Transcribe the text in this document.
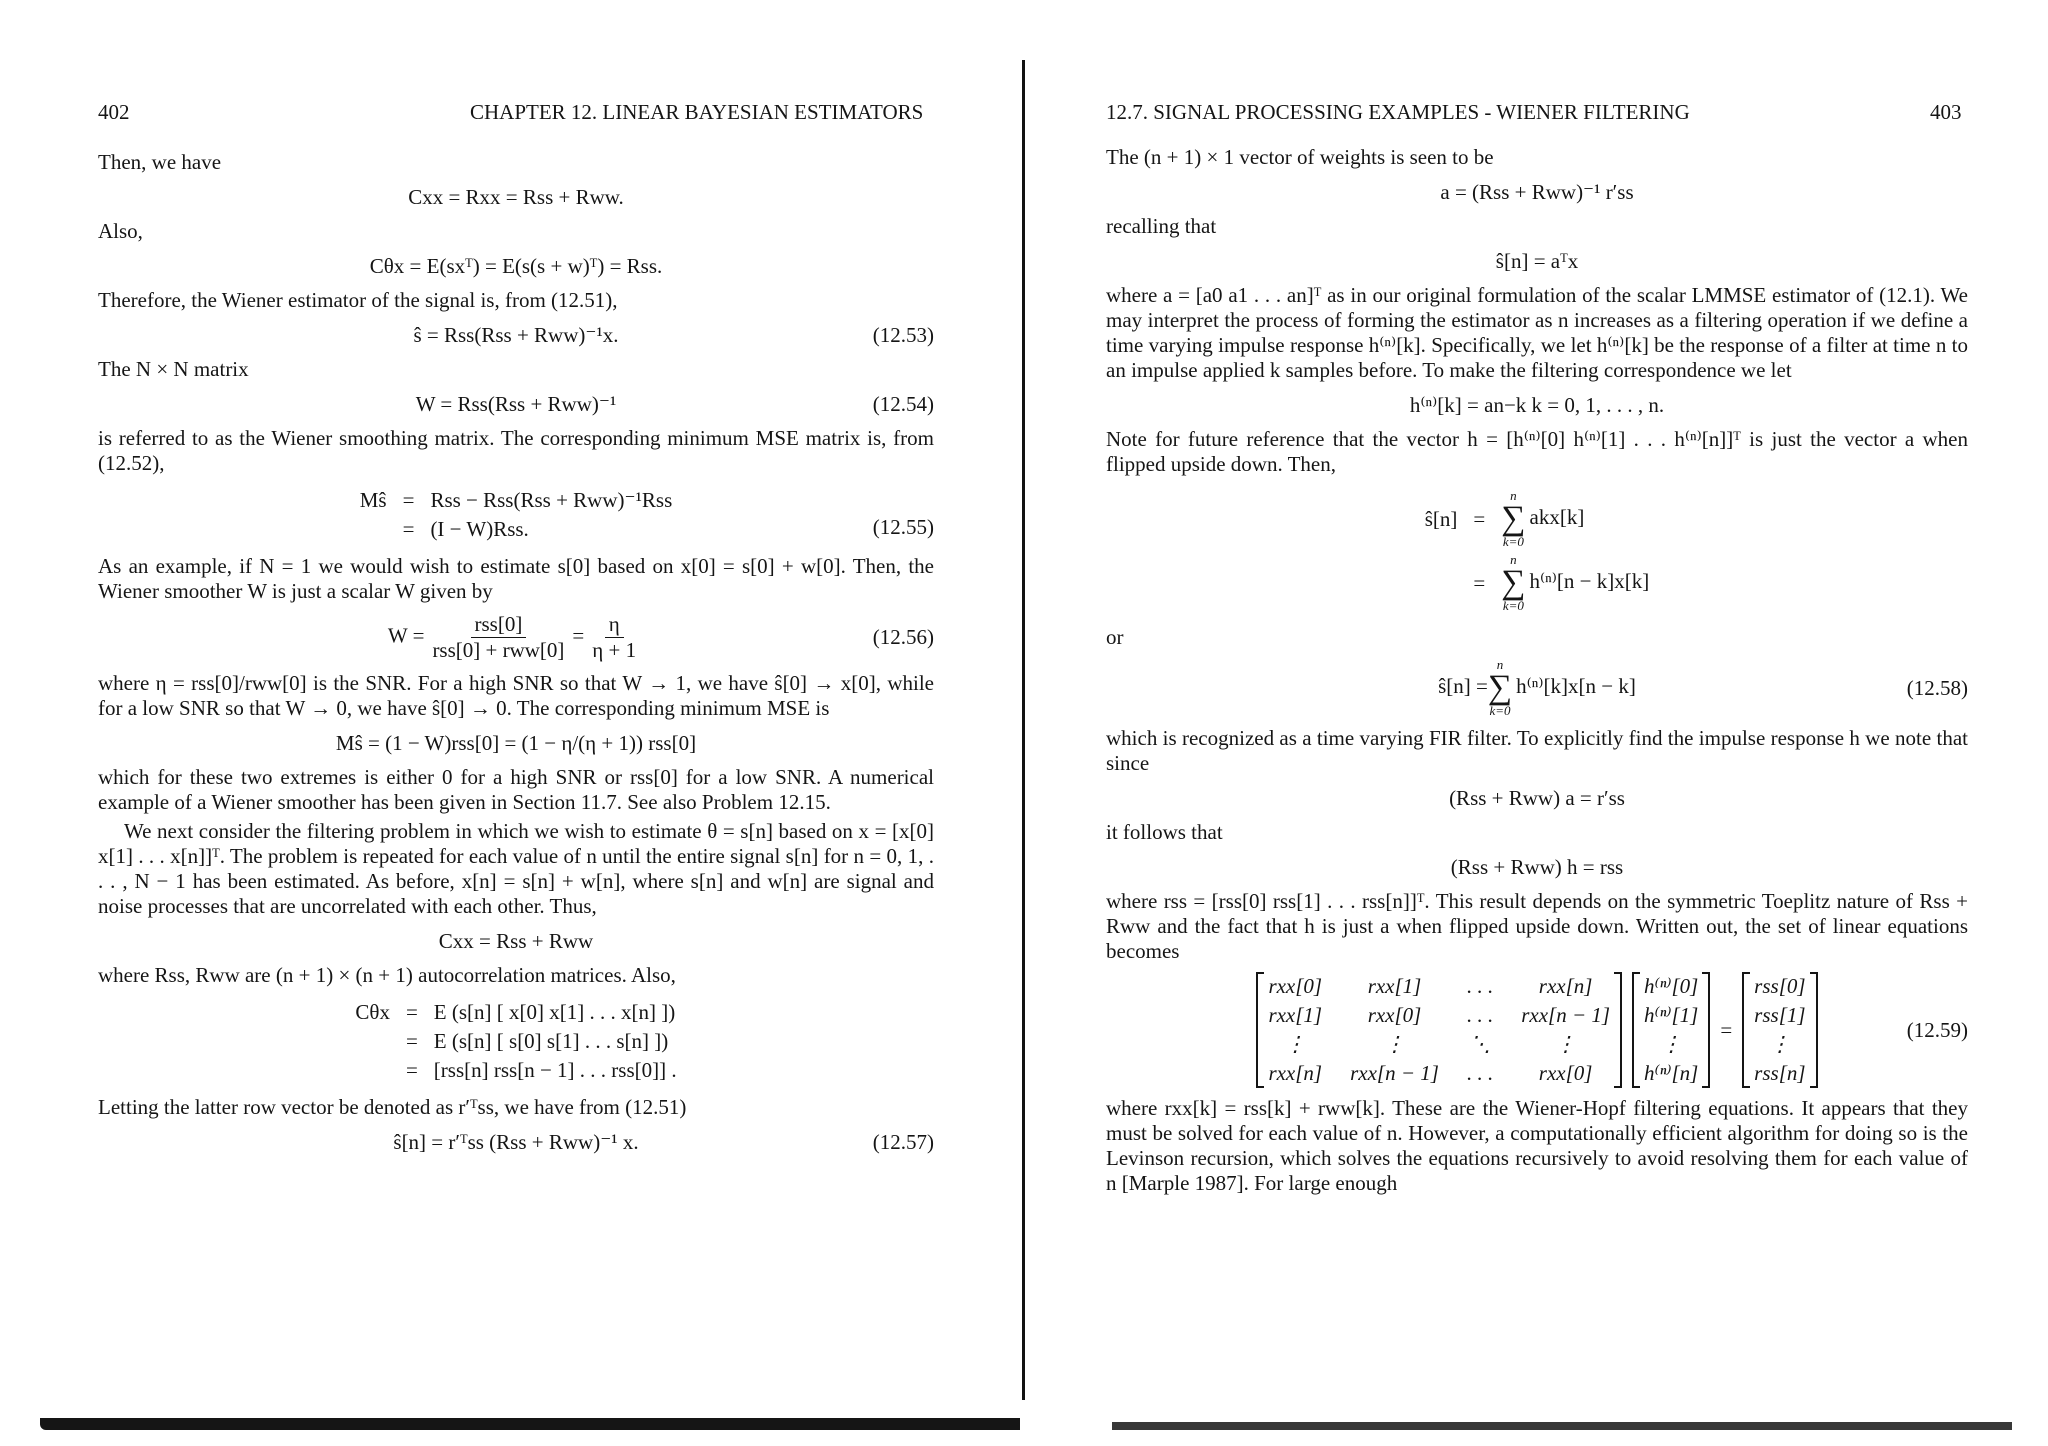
402	CHAPTER 12. LINEAR BAYESIAN ESTIMATORS
Then, we have
Cxx = Rxx = Rss + Rww.
Also,
Cθx = E(sxᵀ) = E(s(s + w)ᵀ) = Rss.
Therefore, the Wiener estimator of the signal is, from (12.51),
ŝ = Rss(Rss + Rww)⁻¹x.	(12.53)
The N × N matrix
W = Rss(Rss + Rww)⁻¹	(12.54)
is referred to as the Wiener smoothing matrix. The corresponding minimum MSE matrix is, from (12.52),
Mŝ	=	Rss − Rss(Rss + Rww)⁻¹Rss
	=	(I − W)Rss.	(12.55)
As an example, if N = 1 we would wish to estimate s[0] based on x[0] = s[0] + w[0]. Then, the Wiener smoother W is just a scalar W given by
$W = \frac{\text{rss[0]}}{\text{rss[0] + rww[0]}} = \frac{\eta}{\eta + 1}$	(12.56)
where η = rss[0]/rww[0] is the SNR. For a high SNR so that W → 1, we have ŝ[0] → x[0], while for a low SNR so that W → 0, we have ŝ[0] → 0. The corresponding minimum MSE is
Mŝ = (1 − W)rss[0] = (1 − η/(η + 1)) rss[0]
which for these two extremes is either 0 for a high SNR or rss[0] for a low SNR. A numerical example of a Wiener smoother has been given in Section 11.7. See also Problem 12.15.
We next consider the filtering problem in which we wish to estimate θ = s[n] based on x = [x[0] x[1] . . . x[n]]ᵀ. The problem is repeated for each value of n until the entire signal s[n] for n = 0, 1, . . . , N − 1 has been estimated. As before, x[n] = s[n] + w[n], where s[n] and w[n] are signal and noise processes that are uncorrelated with each other. Thus,
Cxx = Rss + Rww
where Rss, Rww are (n + 1) × (n + 1) autocorrelation matrices. Also,
Cθx	=	E (s[n] [ x[0] x[1] . . . x[n] ])
	=	E (s[n] [ s[0] s[1] . . . s[n] ])
	=	[rss[n] rss[n − 1] . . . rss[0]] .
Letting the latter row vector be denoted as r′ᵀss, we have from (12.51)
ŝ[n] = r′ᵀss (Rss + Rww)⁻¹ x.	(12.57)
12.7. SIGNAL PROCESSING EXAMPLES - WIENER FILTERING	403
The (n + 1) × 1 vector of weights is seen to be
a = (Rss + Rww)⁻¹ r′ss
recalling that
ŝ[n] = aᵀx
where a = [a0 a1 . . . an]ᵀ as in our original formulation of the scalar LMMSE estimator of (12.1). We may interpret the process of forming the estimator as n increases as a filtering operation if we define a time varying impulse response h⁽ⁿ⁾[k]. Specifically, we let h⁽ⁿ⁾[k] be the response of a filter at time n to an impulse applied k samples before. To make the filtering correspondence we let
h⁽ⁿ⁾[k] = an−k k = 0, 1, . . . , n.
Note for future reference that the vector h = [h⁽ⁿ⁾[0] h⁽ⁿ⁾[1] . . . h⁽ⁿ⁾[n]]ᵀ is just the vector a when flipped upside down. Then,
ŝ[n]	=	n
∑
k=0
akx[k]
	=	n
∑
k=0
h⁽ⁿ⁾[n − k]x[k]
or
ŝ[n] =
n
∑
k=0
h⁽ⁿ⁾[k]x[n − k]	(12.58)
which is recognized as a time varying FIR filter. To explicitly find the impulse response h we note that since
(Rss + Rww) a = r′ss
it follows that
(Rss + Rww) h = rss
where rss = [rss[0] rss[1] . . . rss[n]]ᵀ. This result depends on the symmetric Toeplitz nature of Rss + Rww and the fact that h is just a when flipped upside down. Written out, the set of linear equations becomes
rxx[0]	rxx[1]	. . .	rxx[n]
rxx[1]	rxx[0]	. . . rxx[n − 1]
⋮	⋮	⋱	⋮
rxx[n] rxx[n − 1] . . .	rxx[0]
h⁽ⁿ⁾[0]
h⁽ⁿ⁾[1]
⋮
h⁽ⁿ⁾[n]
=
rss[0]
rss[1]
⋮
rss[n]
(12.59)
where rxx[k] = rss[k] + rww[k]. These are the Wiener-Hopf filtering equations. It appears that they must be solved for each value of n. However, a computationally efficient algorithm for doing so is the Levinson recursion, which solves the equations recursively to avoid resolving them for each value of n [Marple 1987]. For large enough
